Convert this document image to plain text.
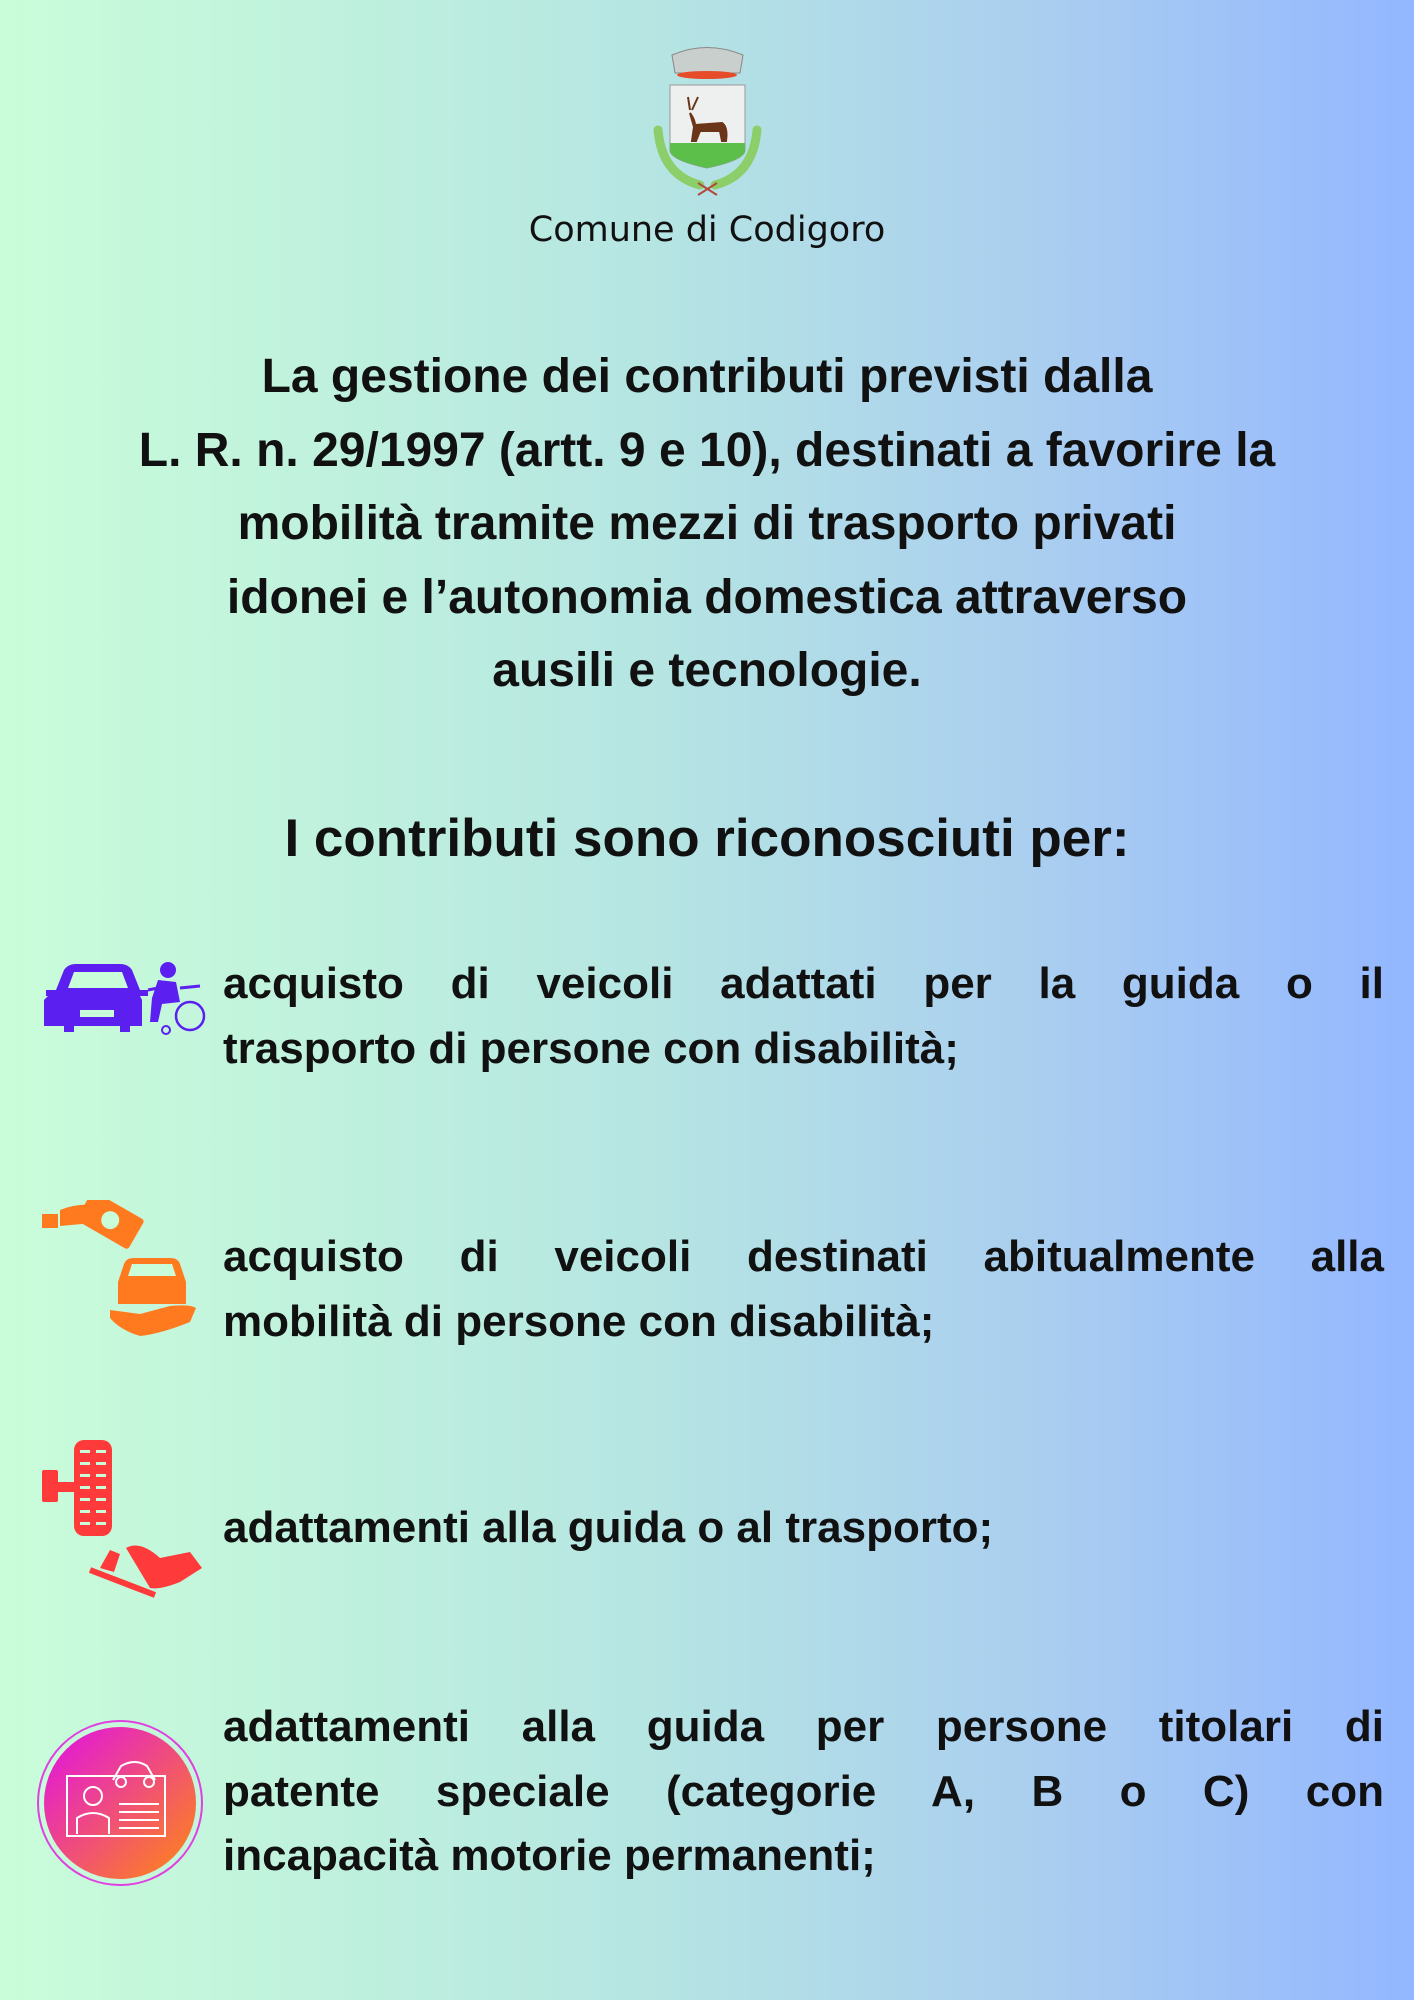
Comune di Codigoro
La gestione dei contributi previsti dalla
L. R. n. 29/1997 (artt. 9 e 10), destinati a favorire la
mobilità tramite mezzi di trasporto privati
idonei e l’autonomia domestica attraverso
ausili e tecnologie.
I contributi sono riconosciuti per:
acquisto di veicoli adattati per la guida o il
trasporto di persone con disabilità;
acquisto di veicoli destinati abitualmente alla
mobilità di persone con disabilità;
adattamenti alla guida o al trasporto;
adattamenti alla guida per persone titolari di
patente speciale (categorie A, B o C) con
incapacità motorie permanenti;
